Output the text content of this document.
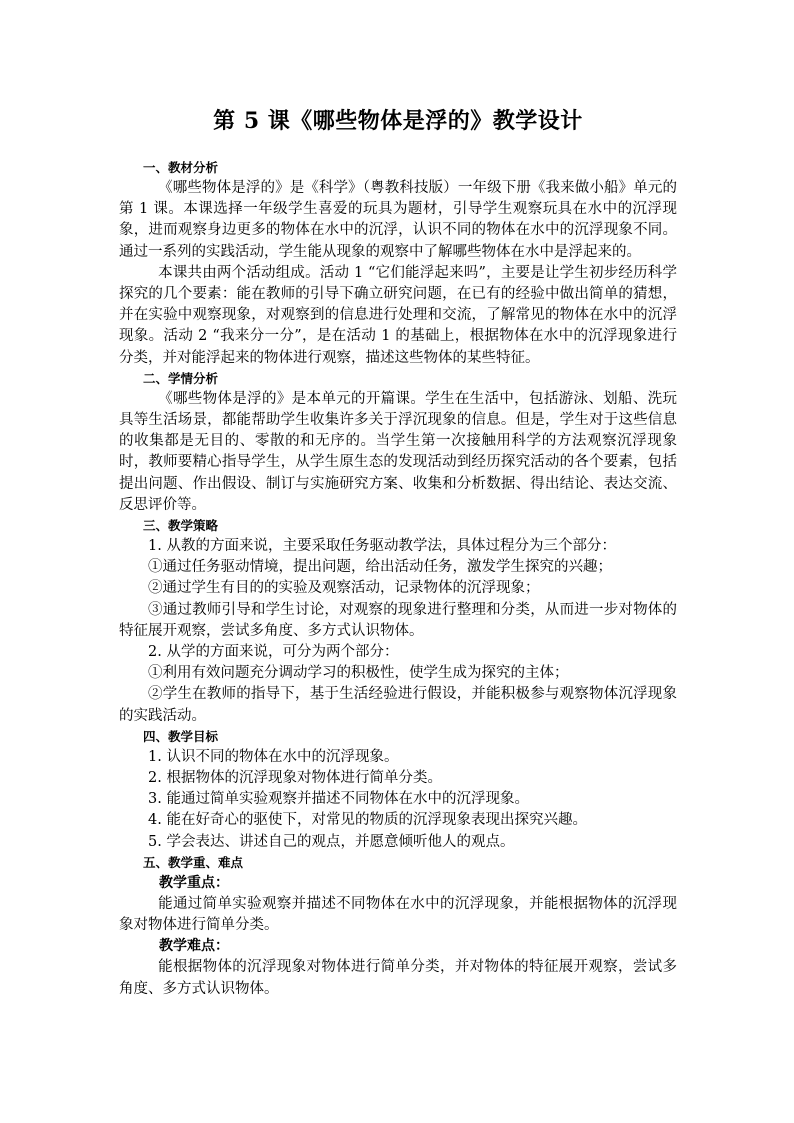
第 5 课《哪些物体是浮的》教学设计
一、教材分析

《哪些物体是浮的》是《科学》（粤教科技版）一年级下册《我来做小船》单元的第 1 课。本课选择一年级学生喜爱的玩具为题材，引导学生观察玩具在水中的沉浮现象，进而观察身边更多的物体在水中的沉浮，认识不同的物体在水中的沉浮现象不同。通过一系列的实践活动，学生能从现象的观察中了解哪些物体在水中是浮起来的。

本课共由两个活动组成。活动 1 “它们能浮起来吗”，主要是让学生初步经历科学探究的几个要素：能在教师的引导下确立研究问题，在已有的经验中做出简单的猜想，并在实验中观察现象，对观察到的信息进行处理和交流，了解常见的物体在水中的沉浮现象。活动 2 “我来分一分”，是在活动 1 的基础上，根据物体在水中的沉浮现象进行分类，并对能浮起来的物体进行观察，描述这些物体的某些特征。

二、学情分析

《哪些物体是浮的》是本单元的开篇课。学生在生活中，包括游泳、划船、洗玩具等生活场景，都能帮助学生收集许多关于浮沉现象的信息。但是，学生对于这些信息的收集都是无目的、零散的和无序的。当学生第一次接触用科学的方法观察沉浮现象时，教师要精心指导学生，从学生原生态的发现活动到经历探究活动的各个要素，包括提出问题、作出假设、制订与实施研究方案、收集和分析数据、得出结论、表达交流、反思评价等。

三、教学策略

1. 从教的方面来说，主要采取任务驱动教学法，具体过程分为三个部分：

①通过任务驱动情境，提出问题，给出活动任务，激发学生探究的兴趣；

②通过学生有目的的实验及观察活动，记录物体的沉浮现象；

③通过教师引导和学生讨论，对观察的现象进行整理和分类，从而进一步对物体的特征展开观察，尝试多角度、多方式认识物体。

2. 从学的方面来说，可分为两个部分：

①利用有效问题充分调动学习的积极性，使学生成为探究的主体；

②学生在教师的指导下，基于生活经验进行假设，并能积极参与观察物体沉浮现象的实践活动。

四、教学目标

1. 认识不同的物体在水中的沉浮现象。

2. 根据物体的沉浮现象对物体进行简单分类。

3. 能通过简单实验观察并描述不同物体在水中的沉浮现象。

4. 能在好奇心的驱使下，对常见的物质的沉浮现象表现出探究兴趣。

5. 学会表达、讲述自己的观点，并愿意倾听他人的观点。

五、教学重、难点
教学重点：

能通过简单实验观察并描述不同物体在水中的沉浮现象，并能根据物体的沉浮现象对物体进行简单分类。

教学难点：

能根据物体的沉浮现象对物体进行简单分类，并对物体的特征展开观察，尝试多角度、多方式认识物体。
